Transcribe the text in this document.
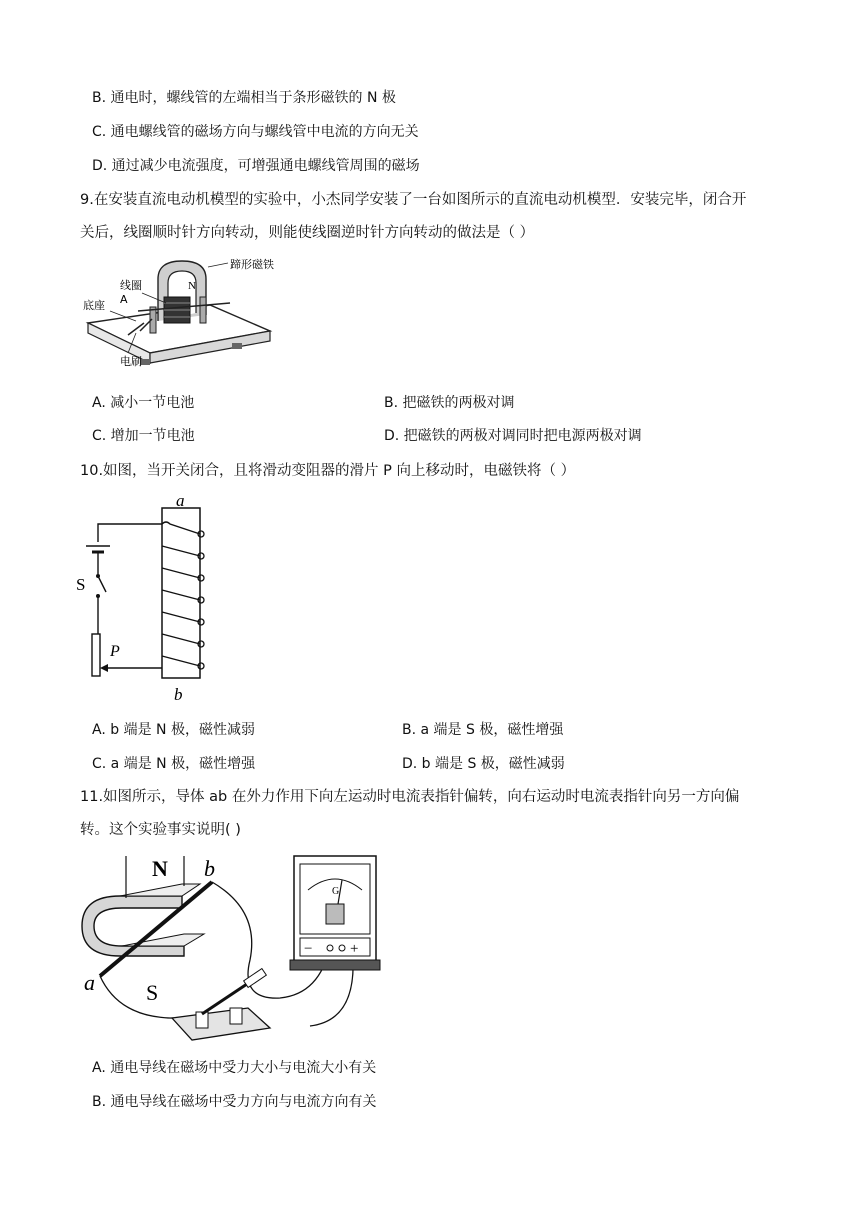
B. 通电时，螺线管的左端相当于条形磁铁的 N 极
C. 通电螺线管的磁场方向与螺线管中电流的方向无关
D. 通过减少电流强度，可增强通电螺线管周围的磁场
9.在安装直流电动机模型的实验中，小杰同学安装了一台如图所示的直流电动机模型．安装完毕，闭合开
关后，线圈顺时针方向转动，则能使线圈逆时针方向转动的做法是（ ）
N
蹄形磁铁
线圈
A
底座
电刷
A. 减小一节电池	B. 把磁铁的两极对调
C. 增加一节电池	D. 把磁铁的两极对调同时把电源两极对调
10.如图，当开关闭合，且将滑动变阻器的滑片 P 向上移动时，电磁铁将（ ）
a
b
S
P
A. b 端是 N 极，磁性减弱	B. a 端是 S 极，磁性增强
C. a 端是 N 极，磁性增强	D. b 端是 S 极，磁性减弱
11.如图所示，导体 ab 在外力作用下向左运动时电流表指针偏转，向右运动时电流表指针向另一方向偏
转。这个实验事实说明( )
G
−	+
N b
a S
A. 通电导线在磁场中受力大小与电流大小有关
B. 通电导线在磁场中受力方向与电流方向有关
